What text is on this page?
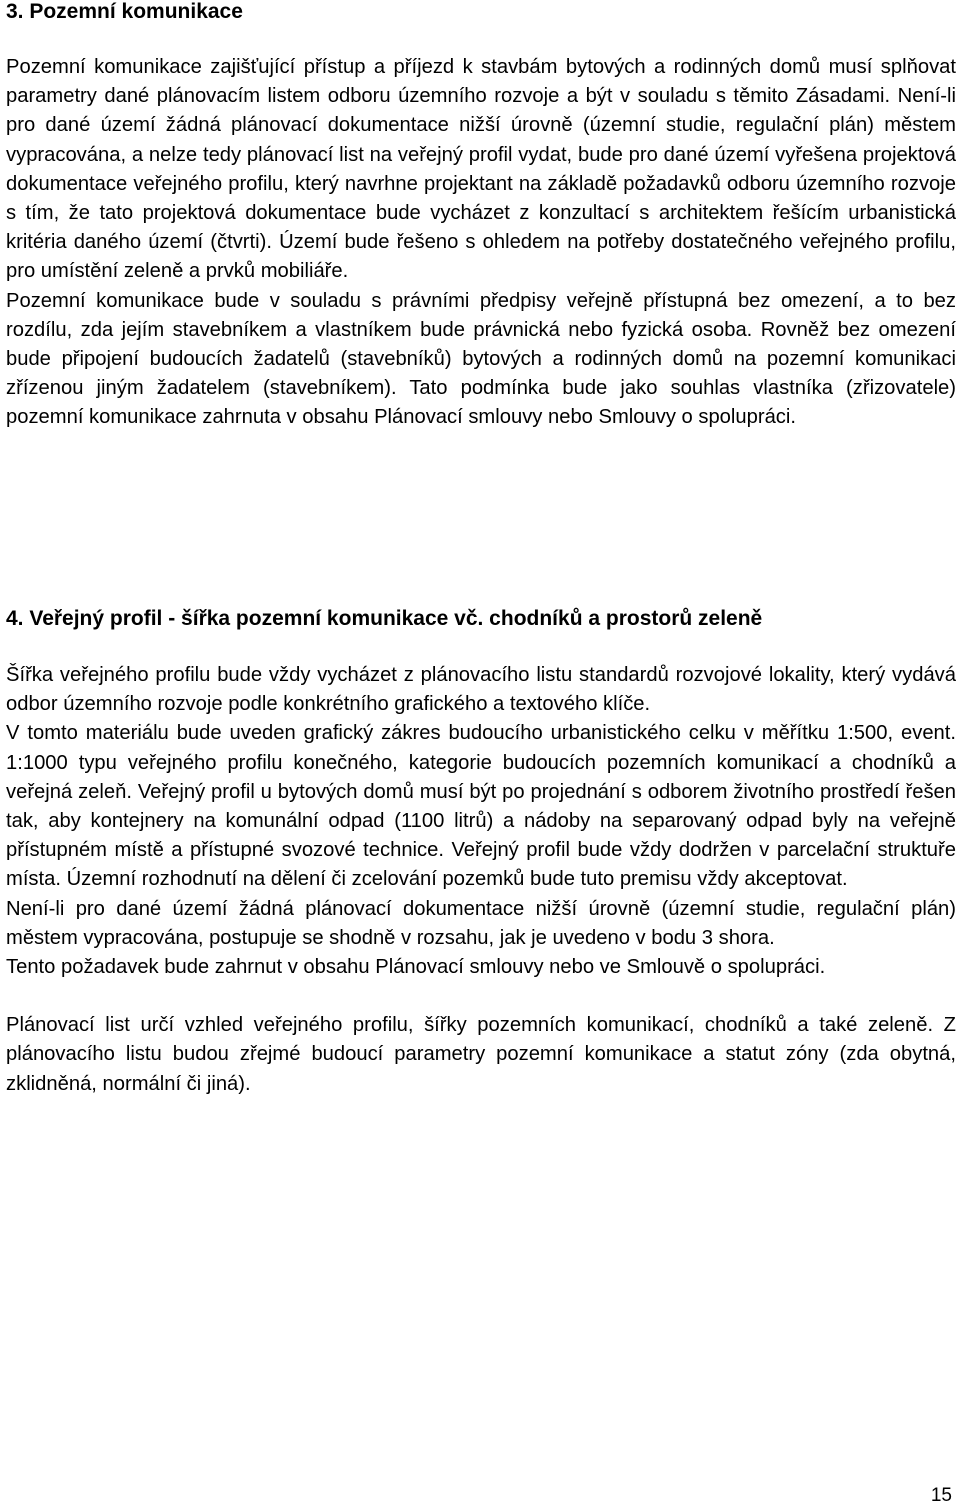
3. Pozemní komunikace

Pozemní komunikace zajišťující přístup a příjezd k stavbám bytových a rodinných domů musí splňovat parametry dané plánovacím listem odboru územního rozvoje a být v souladu s těmito Zásadami. Není-li pro dané území žádná plánovací dokumentace nižší úrovně (územní studie, regulační plán) městem vypracována, a nelze tedy plánovací list na veřejný profil vydat, bude pro dané území vyřešena projektová dokumentace veřejného profilu, který navrhne projektant na základě požadavků odboru územního rozvoje s tím, že tato projektová dokumentace bude vycházet z konzultací s architektem řešícím urbanistická kritéria daného území (čtvrti). Území bude řešeno s ohledem na potřeby dostatečného veřejného profilu, pro umístění zeleně a prvků mobiliáře.

Pozemní komunikace bude v souladu s právními předpisy veřejně přístupná bez omezení, a to bez rozdílu, zda jejím stavebníkem a vlastníkem bude právnická nebo fyzická osoba. Rovněž bez omezení bude připojení budoucích žadatelů (stavebníků) bytových a rodinných domů na pozemní komunikaci zřízenou jiným žadatelem (stavebníkem). Tato podmínka bude jako souhlas vlastníka (zřizovatele) pozemní komunikace zahrnuta v obsahu Plánovací smlouvy nebo Smlouvy o spolupráci.

4. Veřejný profil - šířka pozemní komunikace vč. chodníků a prostorů zeleně

Šířka veřejného profilu bude vždy vycházet z plánovacího listu standardů rozvojové lokality, který vydává odbor územního rozvoje podle konkrétního grafického a textového klíče.

V tomto materiálu bude uveden grafický zákres budoucího urbanistického celku v měřítku 1:500, event. 1:1000 typu veřejného profilu konečného, kategorie budoucích pozemních komunikací a chodníků a veřejná zeleň. Veřejný profil u bytových domů musí být po projednání s odborem životního prostředí řešen tak, aby kontejnery na komunální odpad (1100 litrů) a nádoby na separovaný odpad byly na veřejně přístupném místě a přístupné svozové technice. Veřejný profil bude vždy dodržen v parcelační struktuře místa. Územní rozhodnutí na dělení či zcelování pozemků bude tuto premisu vždy akceptovat.

Není-li pro dané území žádná plánovací dokumentace nižší úrovně (územní studie, regulační plán) městem vypracována, postupuje se shodně v rozsahu, jak je uvedeno v bodu 3 shora.

Tento požadavek bude zahrnut v obsahu Plánovací smlouvy nebo ve Smlouvě o spolupráci.

Plánovací list určí vzhled veřejného profilu, šířky pozemních komunikací, chodníků a také zeleně. Z plánovacího listu budou zřejmé budoucí parametry pozemní komunikace a statut zóny (zda obytná, zklidněná, normální či jiná).

15
